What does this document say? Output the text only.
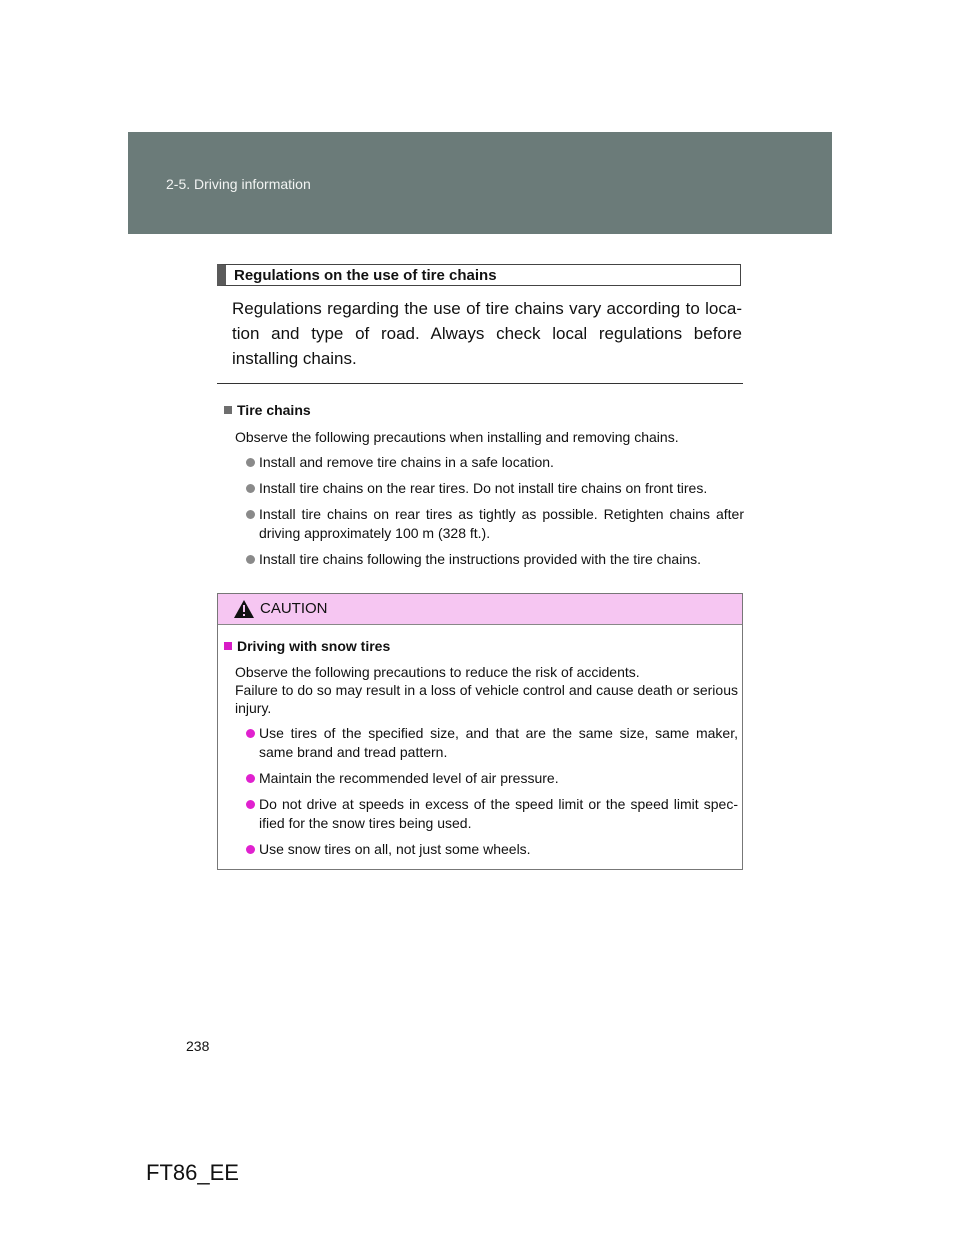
2-5. Driving information
Regulations on the use of tire chains
Regulations regarding the use of tire chains vary according to loca-tion and type of road. Always check local regulations before installing chains.

Tire chains

Observe the following precautions when installing and removing chains.

Install and remove tire chains in a safe location.
Install tire chains on the rear tires. Do not install tire chains on front tires.
Install tire chains on rear tires as tightly as possible. Retighten chains after driving approximately 100 m (328 ft.).
Install tire chains following the instructions provided with the tire chains.
CAUTION

Driving with snow tires

Observe the following precautions to reduce the risk of accidents.

Failure to do so may result in a loss of vehicle control and cause death or serious injury.

Use tires of the specified size, and that are the same size, same maker, same brand and tread pattern.
Maintain the recommended level of air pressure.
Do not drive at speeds in excess of the speed limit or the speed limit spec-ified for the snow tires being used.
Use snow tires on all, not just some wheels.
238
FT86_EE
